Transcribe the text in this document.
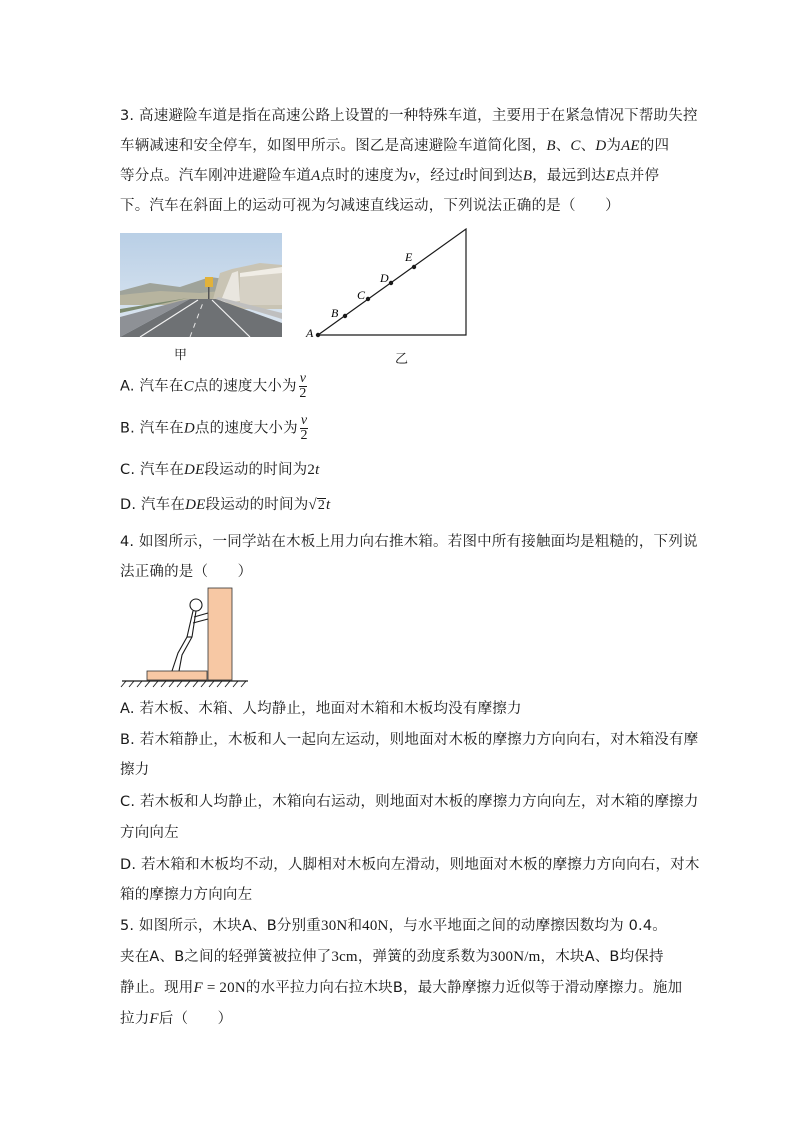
3. 高速避险车道是指在高速公路上设置的一种特殊车道，主要用于在紧急情况下帮助失控
车辆减速和安全停车，如图甲所示。图乙是高速避险车道简化图，B、C、D为AE的四
等分点。汽车刚冲进避险车道A点时的速度为v，经过t时间到达B，最远到达E点并停
下。汽车在斜面上的运动可视为匀减速直线运动，下列说法正确的是（　　）
甲
A
B
C
D
E
乙
A. 汽车在C点的速度大小为 $\frac{v}{2}$
B. 汽车在D点的速度大小为 $\frac{v}{2}$
C. 汽车在DE段运动的时间为2t
D. 汽车在DE段运动的时间为√2t
4. 如图所示，一同学站在木板上用力向右推木箱。若图中所有接触面均是粗糙的，下列说
法正确的是（　　）
A. 若木板、木箱、人均静止，地面对木箱和木板均没有摩擦力
B. 若木箱静止，木板和人一起向左运动，则地面对木板的摩擦力方向向右，对木箱没有摩
擦力
C. 若木板和人均静止，木箱向右运动，则地面对木板的摩擦力方向向左，对木箱的摩擦力
方向向左
D. 若木箱和木板均不动，人脚相对木板向左滑动，则地面对木板的摩擦力方向向右，对木
箱的摩擦力方向向左
5. 如图所示，木块A、B分别重30N和40N，与水平地面之间的动摩擦因数均为 0.4。
夹在A、B之间的轻弹簧被拉伸了3cm，弹簧的劲度系数为300N/m，木块A、B均保持
静止。现用F = 20N的水平拉力向右拉木块B，最大静摩擦力近似等于滑动摩擦力。施加
拉力F后（　　）
